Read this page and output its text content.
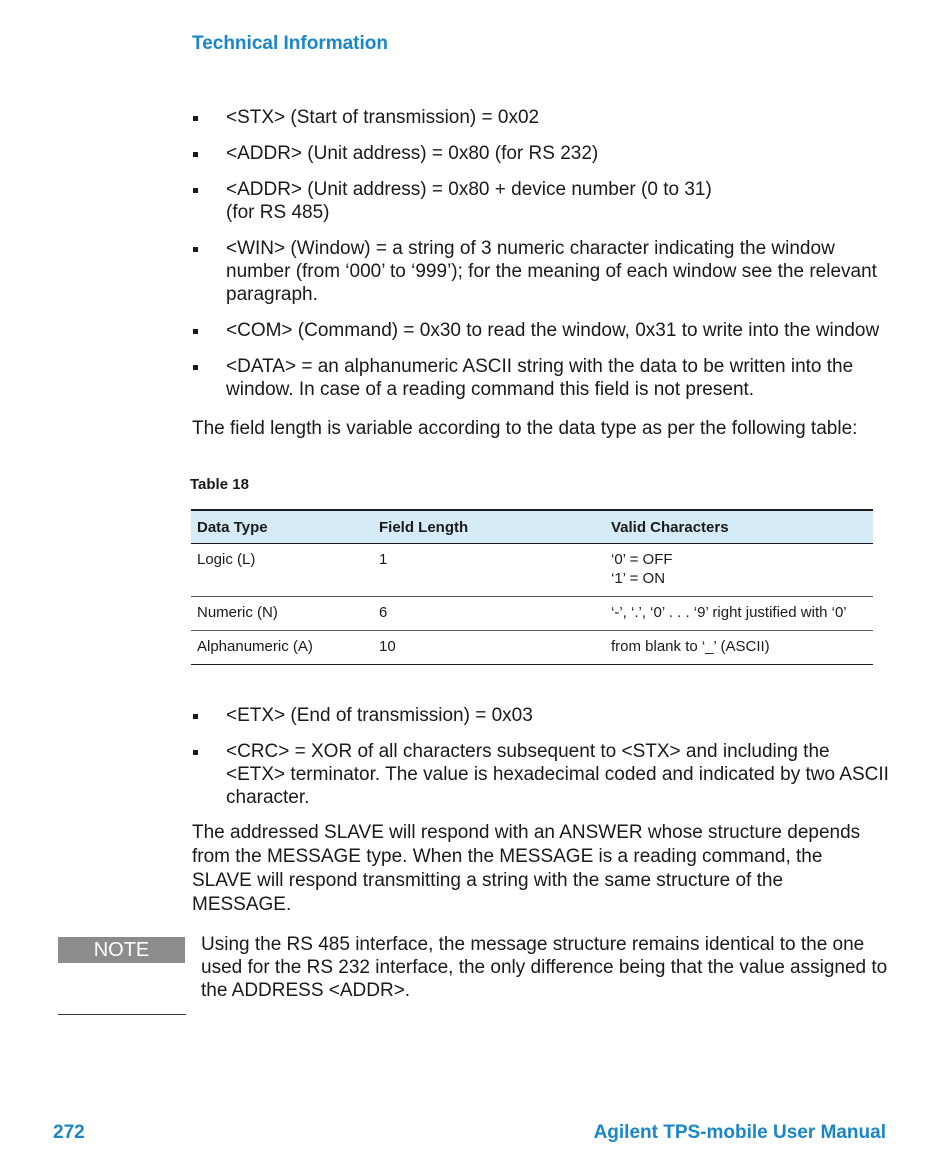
Technical Information
<STX> (Start of transmission) = 0x02
<ADDR> (Unit address) = 0x80 (for RS 232)
<ADDR> (Unit address) = 0x80 + device number (0 to 31)
(for RS 485)
<WIN> (Window) = a string of 3 numeric character indicating the window number (from ‘000’ to ‘999’); for the meaning of each window see the relevant paragraph.
<COM> (Command) = 0x30 to read the window, 0x31 to write into the window
<DATA> = an alphanumeric ASCII string with the data to be written into the window. In case of a reading command this field is not present.

The field length is variable according to the data type as per the following table:

Table 18
Data Type	Field Length	Valid Characters
Logic (L)	1	‘0’ = OFF
‘1’ = ON
Numeric (N)	6	‘-’, ‘.’, ‘0’ . . . ‘9’ right justified with ‘0’
Alphanumeric (A)	10	from blank to ‘_’ (ASCII)
<ETX> (End of transmission) = 0x03
<CRC> = XOR of all characters subsequent to <STX> and including the <ETX> terminator. The value is hexadecimal coded and indicated by two ASCII character.

The addressed SLAVE will respond with an ANSWER whose structure depends from the MESSAGE type. When the MESSAGE is a reading command, the SLAVE will respond transmitting a string with the same structure of the MESSAGE.

NOTE	Using the RS 485 interface, the message structure remains identical to the one used for the RS 232 interface, the only difference being that the value assigned to the ADDRESS <ADDR>.

272	Agilent TPS-mobile User Manual
